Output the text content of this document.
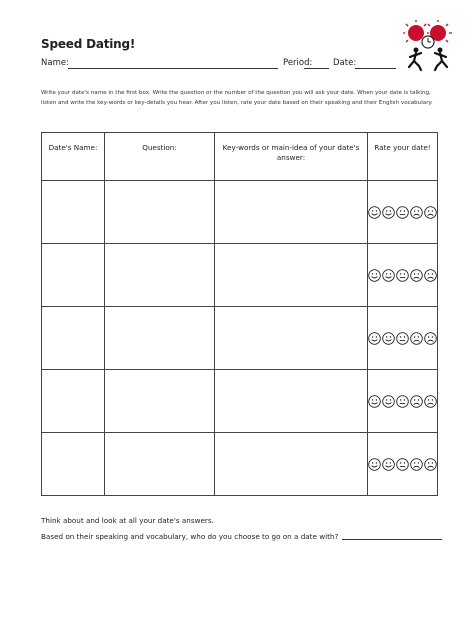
Speed Dating!
Name:	Period: Date:
Write your date's name in the first box. Write the question or the number of the question you will ask your date. When your date is talking, listen and write the key-words or key-details you hear. After you listen, rate your date based on their speaking and their English vocabulary.
Date's Name:	Question:	Key-words or main-idea of your date's answer:	Rate your date!

Think about and look at all your date's answers.
Based on their speaking and vocabulary, who do you choose to go on a date with?
